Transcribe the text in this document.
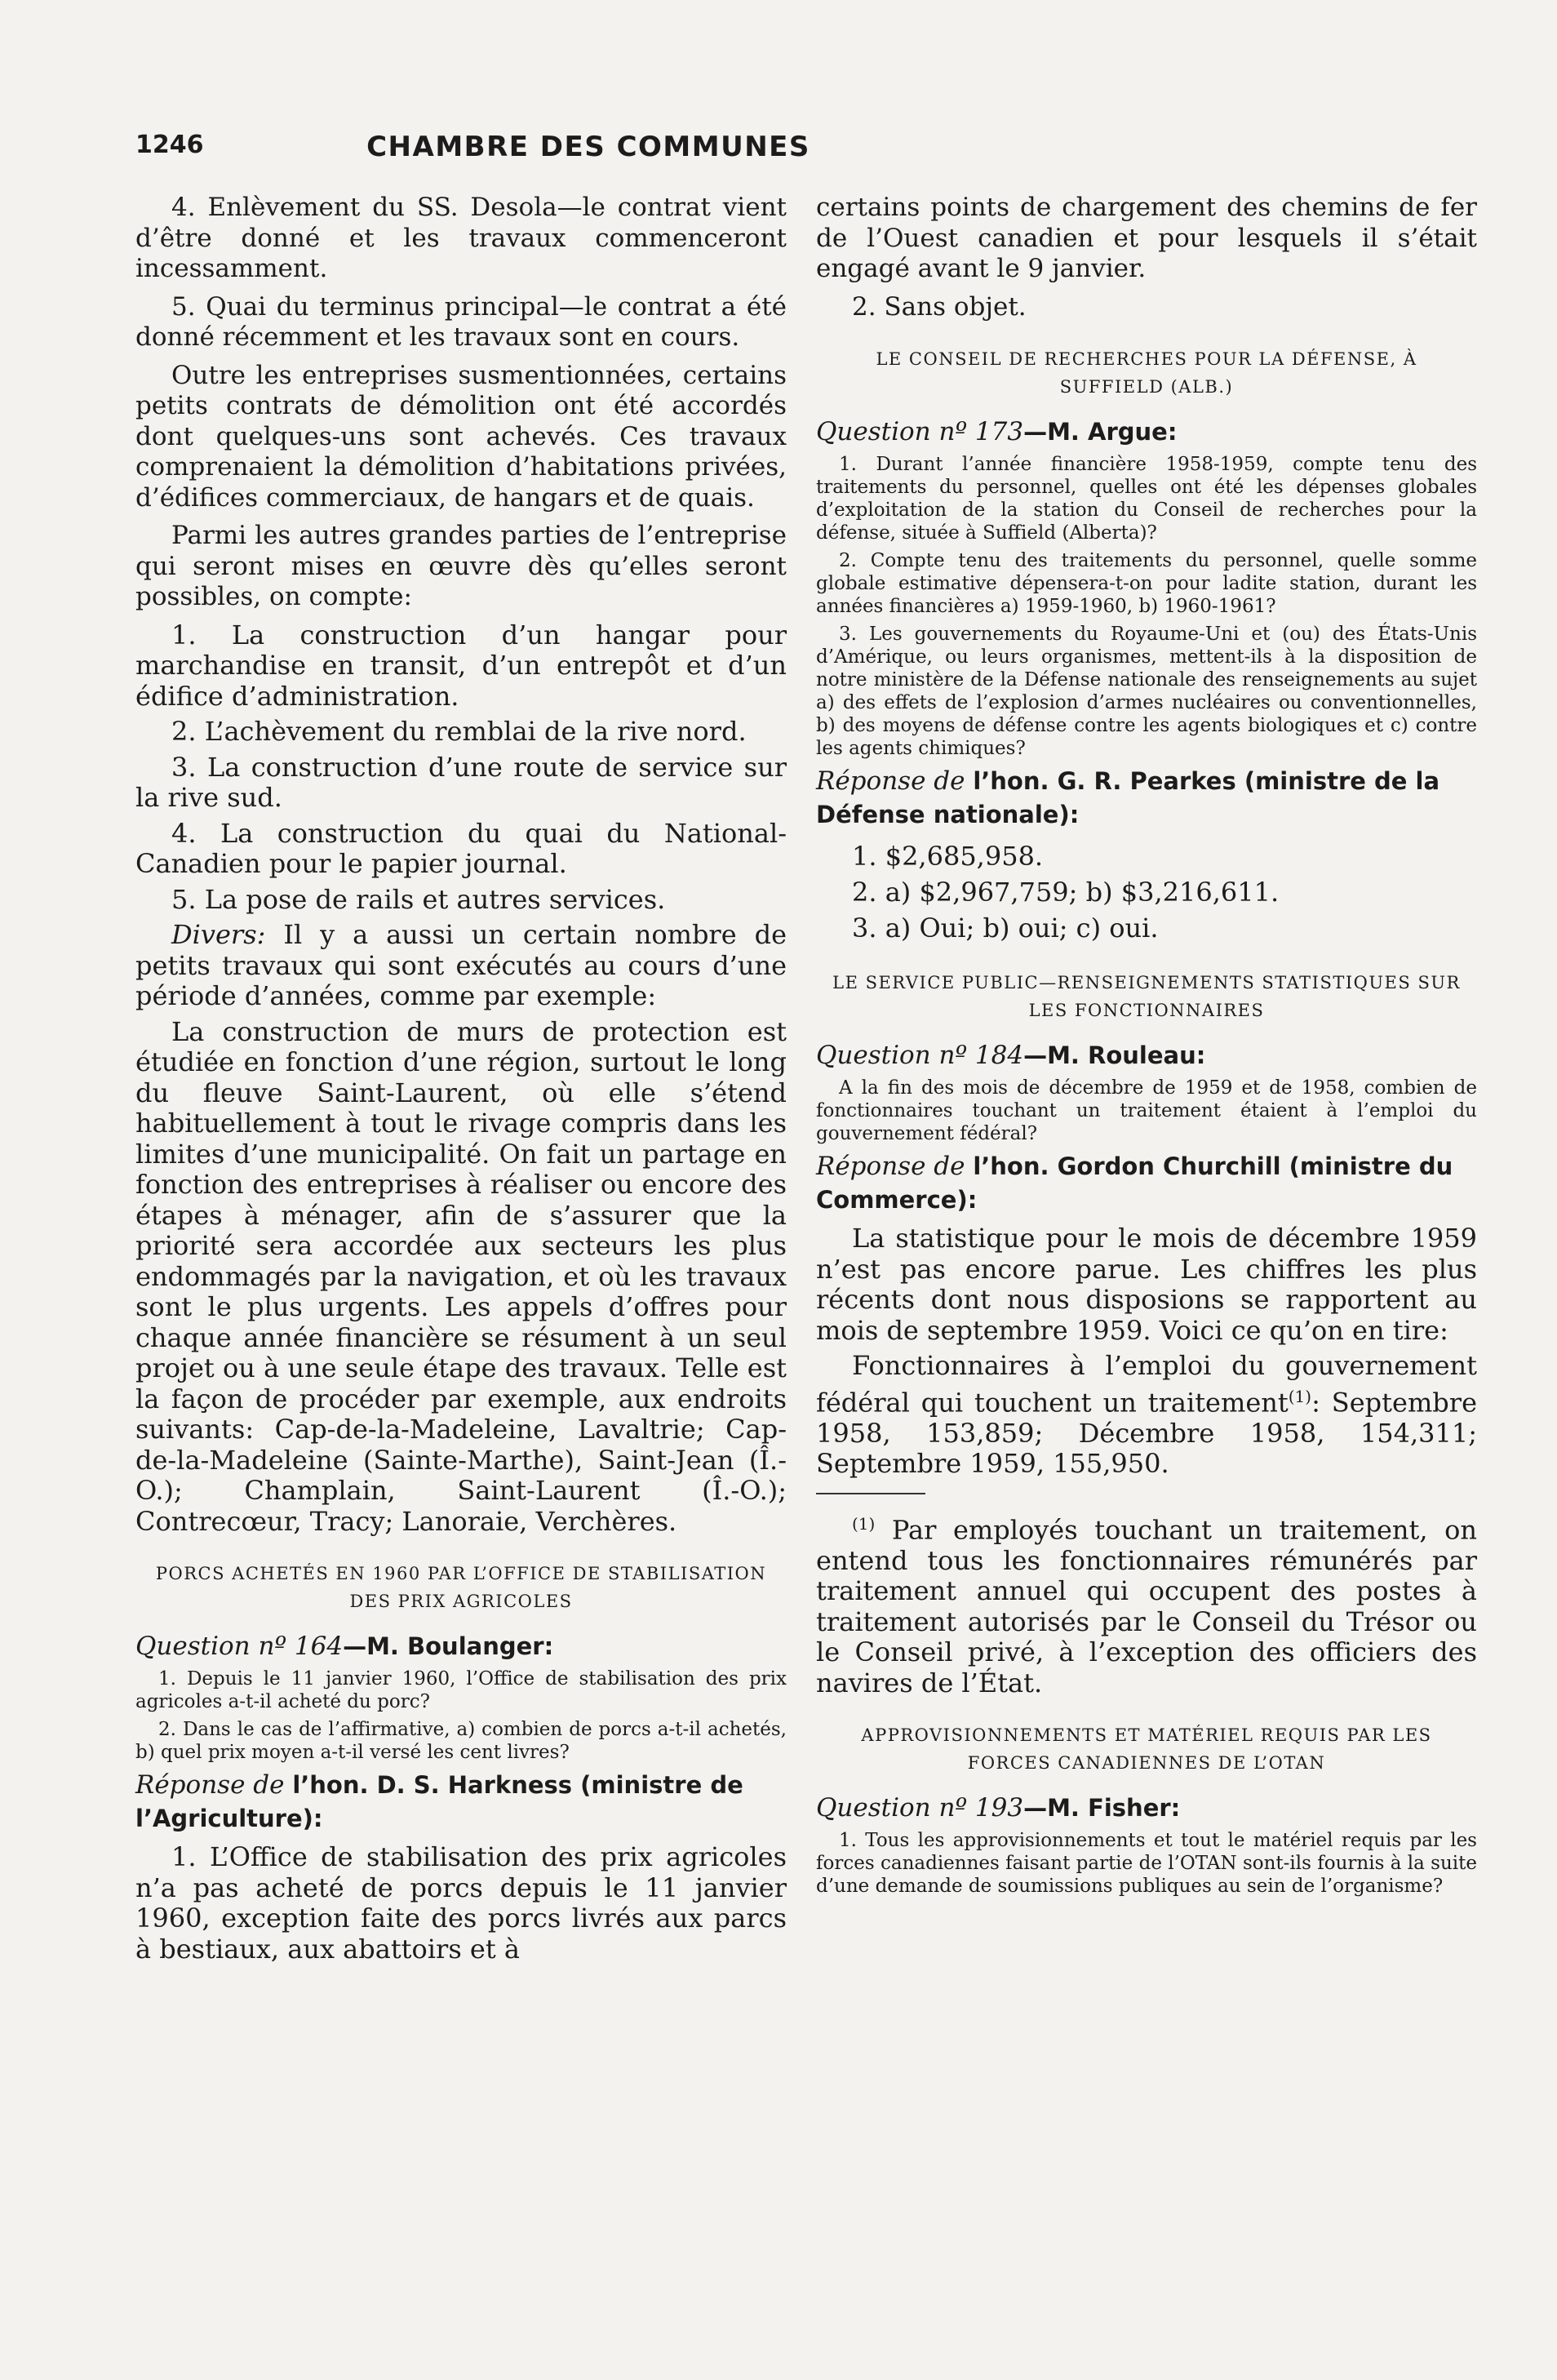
1246	CHAMBRE DES COMMUNES

4. Enlèvement du SS. Desola—le contrat vient d’être donné et les travaux commenceront incessamment.

5. Quai du terminus principal—le contrat a été donné récemment et les travaux sont en cours.

Outre les entreprises susmentionnées, certains petits contrats de démolition ont été accordés dont quelques-uns sont achevés. Ces travaux comprenaient la démolition d’habitations privées, d’édifices commerciaux, de hangars et de quais.

Parmi les autres grandes parties de l’entreprise qui seront mises en œuvre dès qu’elles seront possibles, on compte:

1. La construction d’un hangar pour marchandise en transit, d’un entrepôt et d’un édifice d’administration.

2. L’achèvement du remblai de la rive nord.

3. La construction d’une route de service sur la rive sud.

4. La construction du quai du National-Canadien pour le papier journal.

5. La pose de rails et autres services.

Divers: Il y a aussi un certain nombre de petits travaux qui sont exécutés au cours d’une période d’années, comme par exemple:

La construction de murs de protection est étudiée en fonction d’une région, surtout le long du fleuve Saint-Laurent, où elle s’étend habituellement à tout le rivage compris dans les limites d’une municipalité. On fait un partage en fonction des entreprises à réaliser ou encore des étapes à ménager, afin de s’assurer que la priorité sera accordée aux secteurs les plus endommagés par la navigation, et où les travaux sont le plus urgents. Les appels d’offres pour chaque année financière se résument à un seul projet ou à une seule étape des travaux. Telle est la façon de procéder par exemple, aux endroits suivants: Cap-de-la-Madeleine, Lavaltrie; Cap-de-la-Madeleine (Sainte-Marthe), Saint-Jean (Î.-O.); Champlain, Saint-Laurent (Î.-O.); Contrecœur, Tracy; Lanoraie, Verchères.

PORCS ACHETÉS EN 1960 PAR L’OFFICE DE STABILISATION DES PRIX AGRICOLES

Question nº 164—M. Boulanger:

1. Depuis le 11 janvier 1960, l’Office de stabilisation des prix agricoles a-t-il acheté du porc?

2. Dans le cas de l’affirmative, a) combien de porcs a-t-il achetés, b) quel prix moyen a-t-il versé les cent livres?

Réponse de l’hon. D. S. Harkness (ministre de l’Agriculture):

1. L’Office de stabilisation des prix agricoles n’a pas acheté de porcs depuis le 11 janvier 1960, exception faite des porcs livrés aux parcs à bestiaux, aux abattoirs et à

certains points de chargement des chemins de fer de l’Ouest canadien et pour lesquels il s’était engagé avant le 9 janvier.

2. Sans objet.

LE CONSEIL DE RECHERCHES POUR LA DÉFENSE, À SUFFIELD (ALB.)

Question nº 173—M. Argue:

1. Durant l’année financière 1958-1959, compte tenu des traitements du personnel, quelles ont été les dépenses globales d’exploitation de la station du Conseil de recherches pour la défense, située à Suffield (Alberta)?

2. Compte tenu des traitements du personnel, quelle somme globale estimative dépensera-t-on pour ladite station, durant les années financières a) 1959-1960, b) 1960-1961?

3. Les gouvernements du Royaume-Uni et (ou) des États-Unis d’Amérique, ou leurs organismes, mettent-ils à la disposition de notre ministère de la Défense nationale des renseignements au sujet a) des effets de l’explosion d’armes nucléaires ou conventionnelles, b) des moyens de défense contre les agents biologiques et c) contre les agents chimiques?

Réponse de l’hon. G. R. Pearkes (ministre de la Défense nationale):

1. $2,685,958.

2. a) $2,967,759; b) $3,216,611.

3. a) Oui; b) oui; c) oui.

LE SERVICE PUBLIC—RENSEIGNEMENTS STATISTIQUES SUR LES FONCTIONNAIRES

Question nº 184—M. Rouleau:

A la fin des mois de décembre de 1959 et de 1958, combien de fonctionnaires touchant un traitement étaient à l’emploi du gouvernement fédéral?

Réponse de l’hon. Gordon Churchill (ministre du Commerce):

La statistique pour le mois de décembre 1959 n’est pas encore parue. Les chiffres les plus récents dont nous disposions se rapportent au mois de septembre 1959. Voici ce qu’on en tire:

Fonctionnaires à l’emploi du gouvernement fédéral qui touchent un traitement$^{(1)}$: Septembre 1958, 153,859; Décembre 1958, 154,311; Septembre 1959, 155,950.

$^{(1)}$ Par employés touchant un traitement, on entend tous les fonctionnaires rémunérés par traitement annuel qui occupent des postes à traitement autorisés par le Conseil du Trésor ou le Conseil privé, à l’exception des officiers des navires de l’État.

APPROVISIONNEMENTS ET MATÉRIEL REQUIS PAR LES FORCES CANADIENNES DE L’OTAN

Question nº 193—M. Fisher:

1. Tous les approvisionnements et tout le matériel requis par les forces canadiennes faisant partie de l’OTAN sont-ils fournis à la suite d’une demande de soumissions publiques au sein de l’organisme?
